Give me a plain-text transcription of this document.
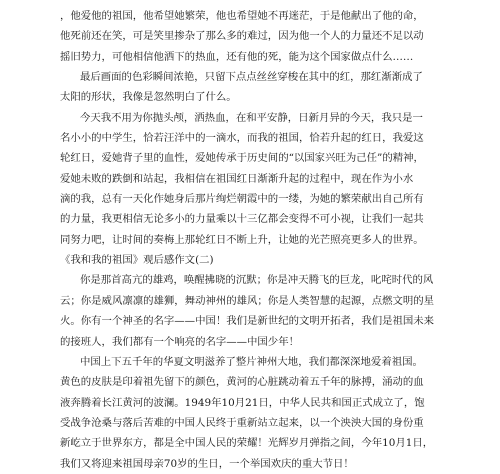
，他爱他的祖国，他希望她繁荣，他也希望她不再迷茫，于是他献出了他的命，
他死前还在笑，可是笑里掺杂了那么多的难过，因为他一个人的力量还不足以动
摇旧势力，可他相信他洒下的热血，还有他的死，能为这个国家做点什么……
最后画面的色彩瞬间浓艳，只留下点点丝丝穿梭在其中的红，那红渐渐成了
太阳的形状，我像是忽然明白了什么。
今天我不用为你抛头颅，洒热血，在和平安静，日新月异的今天，我只是一
名小小的中学生，恰若汪洋中的一滴水，而我的祖国，恰若升起的红日，我爱这
轮红日，爱她背子里的血性，爱她传承于历史间的“以国家兴旺为己任”的精神，
爱她未败的跌倒和站起，我相信在祖国红日渐渐升起的过程中，现在作为小水
滴的我，总有一天化作她身后那片绚烂朝霞中的一缕，为她的繁荣献出自己所有
的力量，我更相信无论多小的力量乘以十三亿都会变得不可小视，让我们一起共
同努力吧，让时间的奏梅上那轮红日不断上升，让她的光芒照亮更多人的世界。
《我和我的祖国》观后感作文(二)
你是那首高亢的雄鸡，唤醒拂晓的沉默；你是冲天腾飞的巨龙，叱咤时代的风
云；你是威风凛凛的雄狮，舞动神州的雄风；你是人类智慧的起源，点燃文明的星
火。你有一个神圣的名字——中国！我们是新世纪的文明开拓者，我们是祖国未来
的接班人，我们都有一个响亮的名字——中国少年！
中国上下五千年的华夏文明滋养了整片神州大地，我们都深深地爱着祖国。
黄色的皮肤是印着祖先留下的颜色，黄河的心脏跳动着五千年的脉搏，涌动的血
液奔腾着长江黄河的波澜。1949年10月21日，中华人民共和国正式成立了，饱
受战争沧桑与落后苦难的中国人民终于重新站立起来，以一个泱泱大国的身份重
新屹立于世界东方，都是全中国人民的荣耀！光辉岁月弹指之间，今年10月1日，
我们又将迎来祖国母亲70岁的生日，一个举国欢庆的重大节日！
